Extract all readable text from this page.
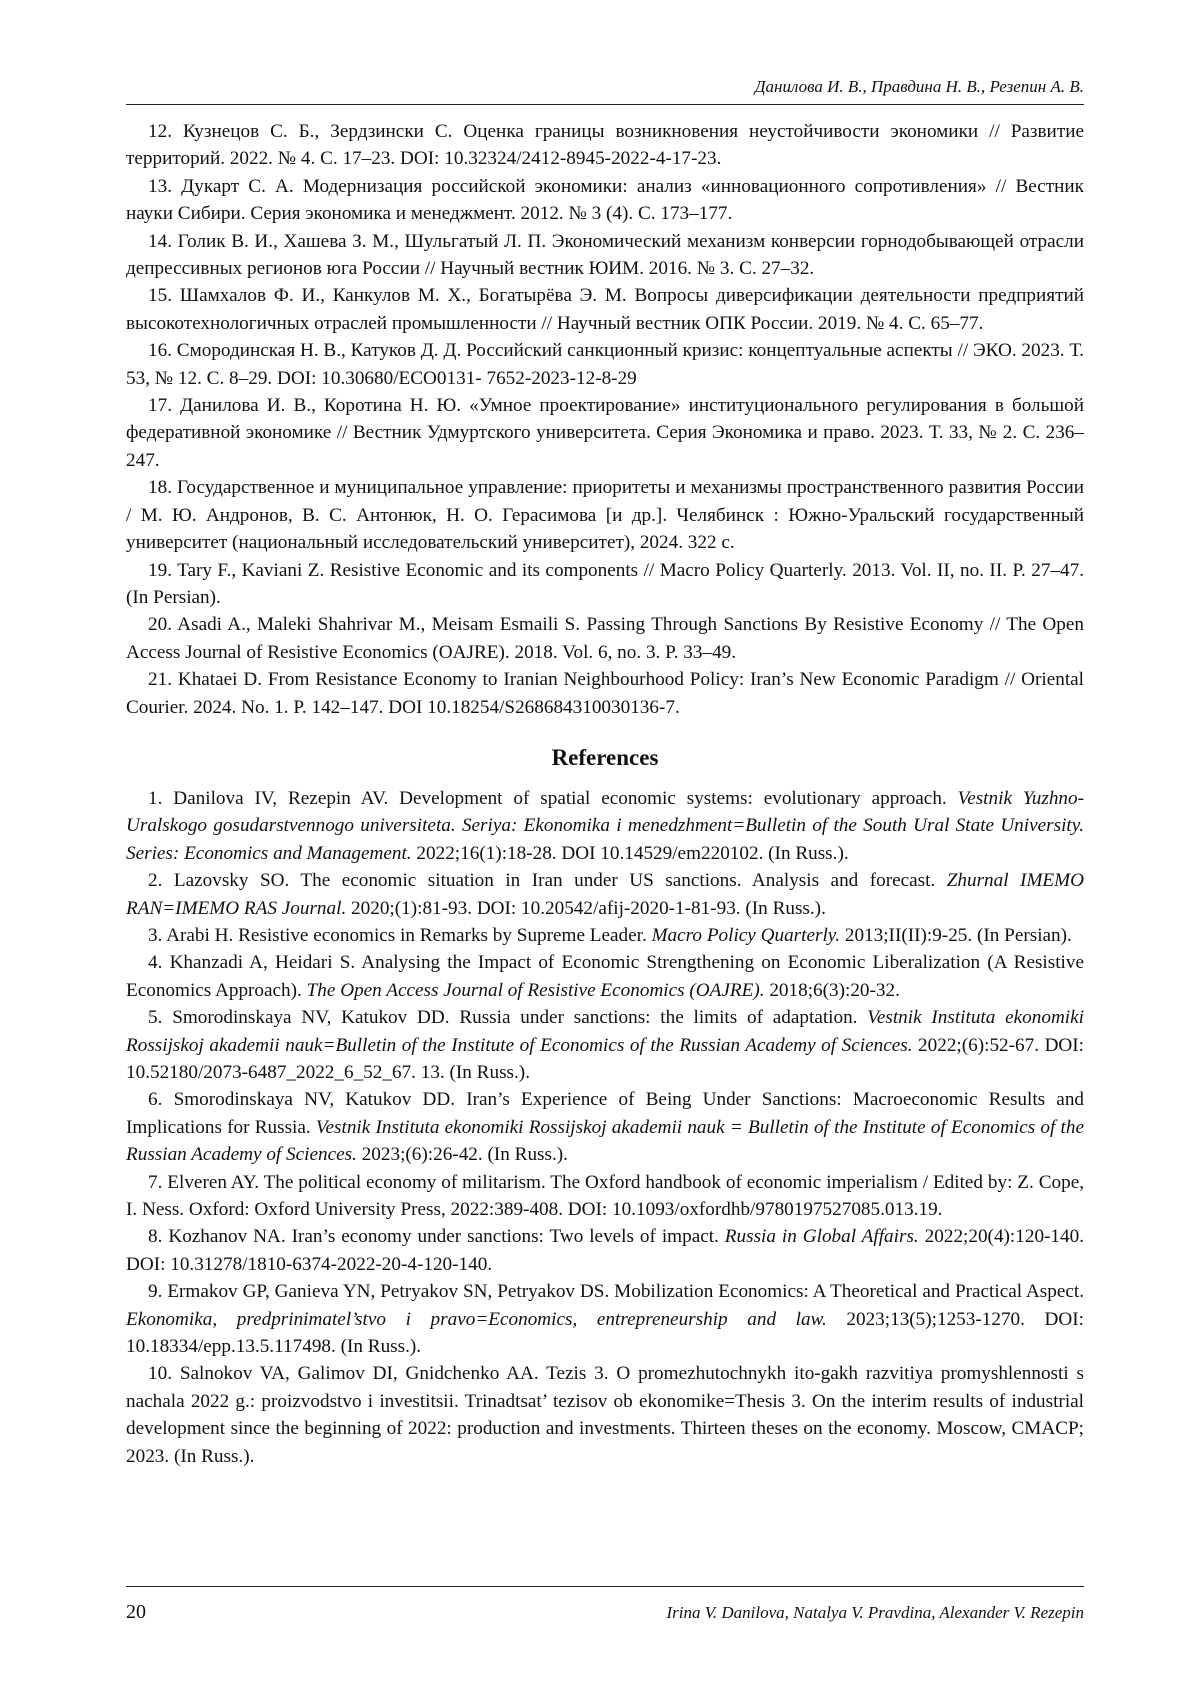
Данилова И. В., Правдина Н. В., Резепин А. В.

12. Кузнецов С. Б., Зердзински С. Оценка границы возникновения неустойчивости экономики // Развитие территорий. 2022. № 4. С. 17–23. DOI: 10.32324/2412-8945-2022-4-17-23.

13. Дукарт С. А. Модернизация российской экономики: анализ «инновационного сопротивления» // Вестник науки Сибири. Серия экономика и менеджмент. 2012. № 3 (4). С. 173–177.

14. Голик В. И., Хашева З. М., Шульгатый Л. П. Экономический механизм конверсии горнодобывающей отрасли депрессивных регионов юга России // Научный вестник ЮИМ. 2016. № 3. С. 27–32.

15. Шамхалов Ф. И., Канкулов М. Х., Богатырёва Э. М. Вопросы диверсификации деятельности предприятий высокотехнологичных отраслей промышленности // Научный вестник ОПК России. 2019. № 4. С. 65–77.

16. Смородинская Н. В., Катуков Д. Д. Российский санкционный кризис: концептуальные аспекты // ЭКО. 2023. Т. 53, № 12. С. 8–29. DOI: 10.30680/ECO0131- 7652-2023-12-8-29

17. Данилова И. В., Коротина Н. Ю. «Умное проектирование» институционального регулирования в большой федеративной экономике // Вестник Удмуртского университета. Серия Экономика и право. 2023. Т. 33, № 2. С. 236–247.

18. Государственное и муниципальное управление: приоритеты и механизмы пространственного развития России / М. Ю. Андронов, В. С. Антонюк, Н. О. Герасимова [и др.]. Челябинск : Южно-Уральский государственный университет (национальный исследовательский университет), 2024. 322 с.

19. Tary F., Kaviani Z. Resistive Economic and its components // Macro Policy Quarterly. 2013. Vol. II, no. II. P. 27–47. (In Persian).

20. Asadi A., Maleki Shahrivar M., Meisam Esmaili S. Passing Through Sanctions By Resistive Economy // The Open Access Journal of Resistive Economics (OAJRE). 2018. Vol. 6, no. 3. P. 33–49.

21. Khataei D. From Resistance Economy to Iranian Neighbourhood Policy: Iran’s New Economic Paradigm // Oriental Courier. 2024. No. 1. P. 142–147. DOI 10.18254/S268684310030136-7.

References

1. Danilova IV, Rezepin AV. Development of spatial economic systems: evolutionary approach. Vestnik Yuzhno-Uralskogo gosudarstvennogo universiteta. Seriya: Ekonomika i menedzhment=Bulletin of the South Ural State University. Series: Economics and Management. 2022;16(1):18-28. DOI 10.14529/em220102. (In Russ.).

2. Lazovsky SO. The economic situation in Iran under US sanctions. Analysis and forecast. Zhurnal IMEMO RAN=IMEMO RAS Journal. 2020;(1):81-93. DOI: 10.20542/afij-2020-1-81-93. (In Russ.).

3. Arabi H. Resistive economics in Remarks by Supreme Leader. Macro Policy Quarterly. 2013;II(II):9-25. (In Persian).

4. Khanzadi A, Heidari S. Analysing the Impact of Economic Strengthening on Economic Liberalization (A Resistive Economics Approach). The Open Access Journal of Resistive Economics (OAJRE). 2018;6(3):20-32.

5. Smorodinskaya NV, Katukov DD. Russia under sanctions: the limits of adaptation. Vestnik Instituta ekonomiki Rossijskoj akademii nauk=Bulletin of the Institute of Economics of the Russian Academy of Sciences. 2022;(6):52-67. DOI: 10.52180/2073-6487_2022_6_52_67. 13. (In Russ.).

6. Smorodinskaya NV, Katukov DD. Iran’s Experience of Being Under Sanctions: Macroeconomic Results and Implications for Russia. Vestnik Instituta ekonomiki Rossijskoj akademii nauk = Bulletin of the Institute of Economics of the Russian Academy of Sciences. 2023;(6):26-42. (In Russ.).

7. Elveren AY. The political economy of militarism. The Oxford handbook of economic imperialism / Edited by: Z. Cope, I. Ness. Oxford: Oxford University Press, 2022:389-408. DOI: 10.1093/oxfordhb/9780197527085.013.19.

8. Kozhanov NA. Iran’s economy under sanctions: Two levels of impact. Russia in Global Affairs. 2022;20(4):120-140. DOI: 10.31278/1810-6374-2022-20-4-120-140.

9. Ermakov GP, Ganieva YN, Petryakov SN, Petryakov DS. Mobilization Economics: A Theoretical and Practical Aspect. Ekonomika, predprinimatel’stvo i pravo=Economics, entrepreneurship and law. 2023;13(5);1253-1270. DOI: 10.18334/epp.13.5.117498. (In Russ.).

10. Salnokov VA, Galimov DI, Gnidchenko AA. Tezis 3. O promezhutochnykh ito-gakh razvitiya promyshlennosti s nachala 2022 g.: proizvodstvo i investitsii. Trinadtsat’ tezisov ob ekonomike=Thesis 3. On the interim results of industrial development since the beginning of 2022: production and investments. Thirteen theses on the economy. Moscow, CMACP; 2023. (In Russ.).

20	Irina V. Danilova, Natalya V. Pravdina, Alexander V. Rezepin
